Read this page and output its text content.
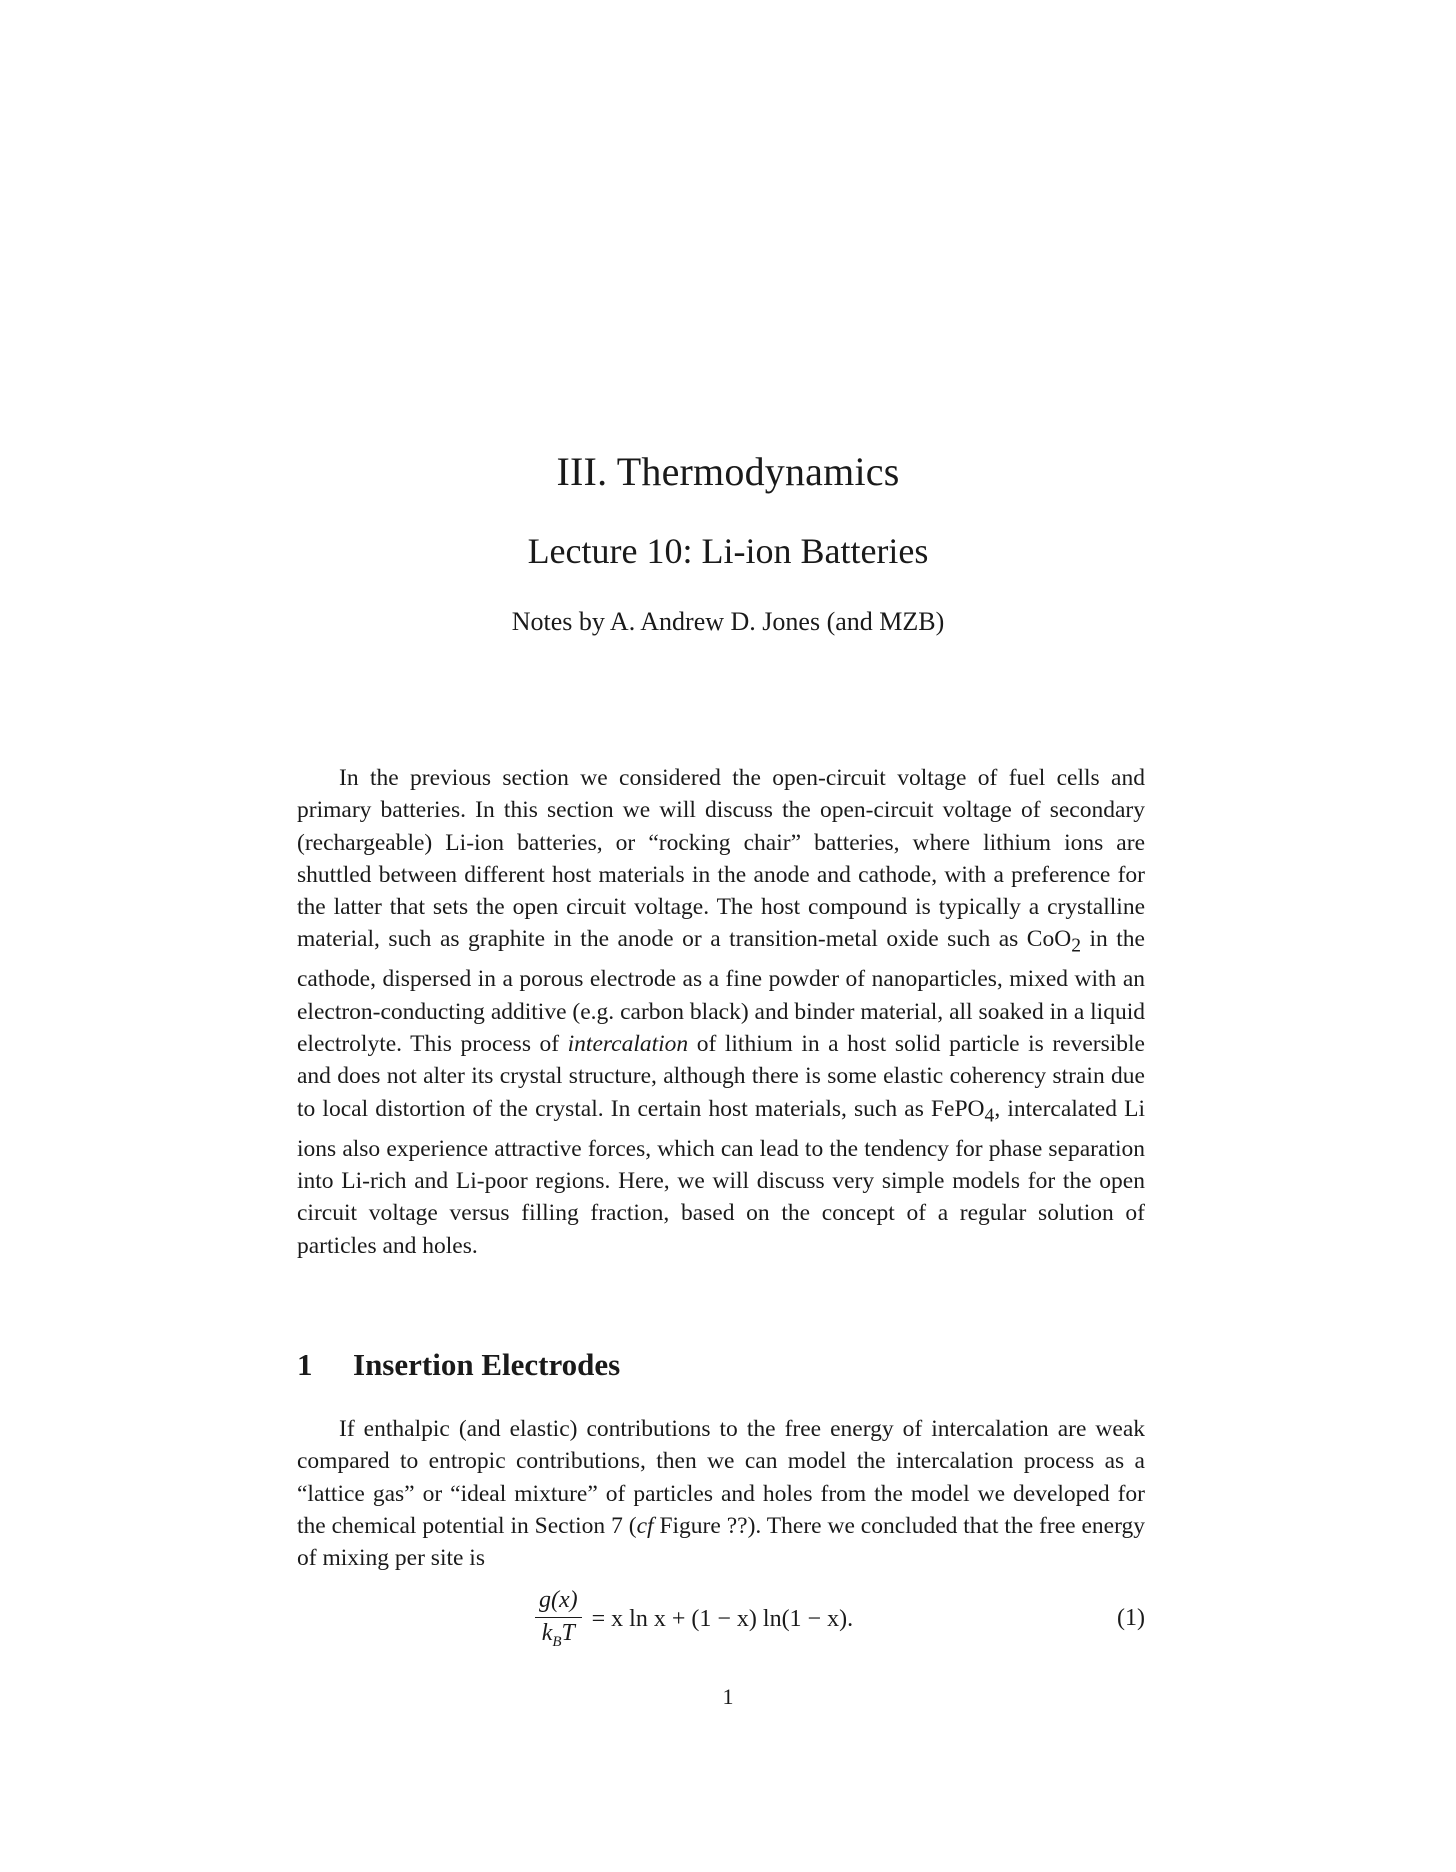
III. Thermodynamics
Lecture 10: Li-ion Batteries
Notes by A. Andrew D. Jones (and MZB)

In the previous section we considered the open-circuit voltage of fuel cells and primary batteries. In this section we will discuss the open-circuit voltage of secondary (rechargeable) Li-ion batteries, or “rocking chair” batteries, where lithium ions are shuttled between different host materials in the anode and cathode, with a preference for the latter that sets the open circuit voltage. The host compound is typically a crystalline material, such as graphite in the anode or a transition-metal oxide such as CoO$_2$ in the cathode, dispersed in a porous electrode as a fine powder of nanoparticles, mixed with an electron-conducting additive (e.g. carbon black) and binder material, all soaked in a liquid electrolyte. This process of intercalation of lithium in a host solid particle is reversible and does not alter its crystal structure, although there is some elastic coherency strain due to local distortion of the crystal. In certain host materials, such as FePO$_4$, intercalated Li ions also experience attractive forces, which can lead to the tendency for phase separation into Li-rich and Li-poor regions. Here, we will discuss very simple models for the open circuit voltage versus filling fraction, based on the concept of a regular solution of particles and holes.

1 Insertion Electrodes

If enthalpic (and elastic) contributions to the free energy of intercalation are weak compared to entropic contributions, then we can model the intercalation process as a “lattice gas” or “ideal mixture” of particles and holes from the model we developed for the chemical potential in Section 7 (cf Figure ??). There we concluded that the free energy of mixing per site is

$\frac{g(x)}{k_BT} = x$ ln x + (1 − x) ln(1 − x).	(1)
1
